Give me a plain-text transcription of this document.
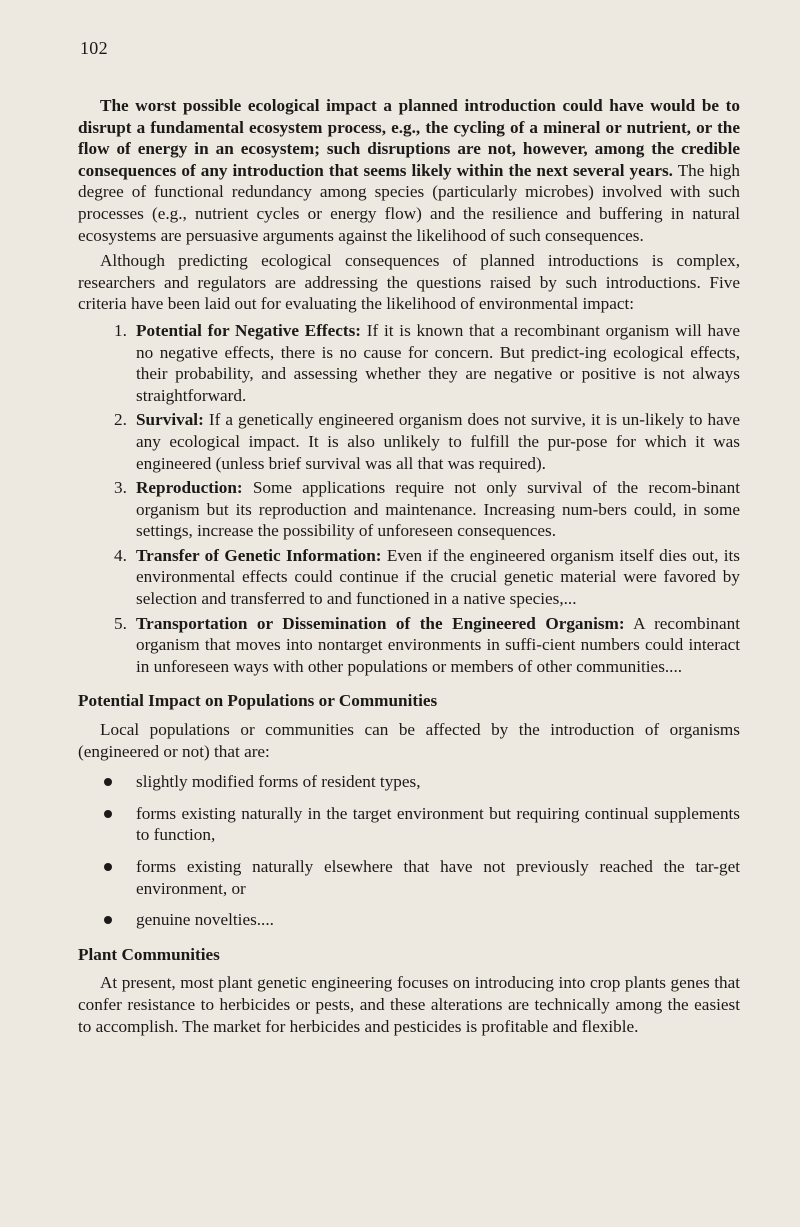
102

The worst possible ecological impact a planned introduction could have would be to disrupt a fundamental ecosystem process, e.g., the cycling of a mineral or nutrient, or the flow of energy in an ecosystem; such disruptions are not, however, among the credible consequences of any introduction that seems likely within the next several years. The high degree of functional redundancy among species (particularly microbes) involved with such processes (e.g., nutrient cycles or energy flow) and the resilience and buffering in natural ecosystems are persuasive arguments against the likelihood of such consequences.

Although predicting ecological consequences of planned introductions is complex, researchers and regulators are addressing the questions raised by such introductions. Five criteria have been laid out for evaluating the likelihood of environmental impact:

1. Potential for Negative Effects: If it is known that a recombinant organism will have no negative effects, there is no cause for concern. But predict-ing ecological effects, their probability, and assessing whether they are negative or positive is not always straightforward.
2. Survival: If a genetically engineered organism does not survive, it is un-likely to have any ecological impact. It is also unlikely to fulfill the pur-pose for which it was engineered (unless brief survival was all that was required).
3. Reproduction: Some applications require not only survival of the recom-binant organism but its reproduction and maintenance. Increasing num-bers could, in some settings, increase the possibility of unforeseen consequences.
4. Transfer of Genetic Information: Even if the engineered organism itself dies out, its environmental effects could continue if the crucial genetic material were favored by selection and transferred to and functioned in a native species,...
5. Transportation or Dissemination of the Engineered Organism: A recombinant organism that moves into nontarget environments in suffi-cient numbers could interact in unforeseen ways with other populations or members of other communities....
Potential Impact on Populations or Communities

Local populations or communities can be affected by the introduction of organisms (engineered or not) that are:

slightly modified forms of resident types,
forms existing naturally in the target environment but requiring continual supplements to function,
forms existing naturally elsewhere that have not previously reached the tar-get environment, or
genuine novelties....
Plant Communities

At present, most plant genetic engineering focuses on introducing into crop plants genes that confer resistance to herbicides or pests, and these alterations are technically among the easiest to accomplish. The market for herbicides and pesticides is profitable and flexible.
